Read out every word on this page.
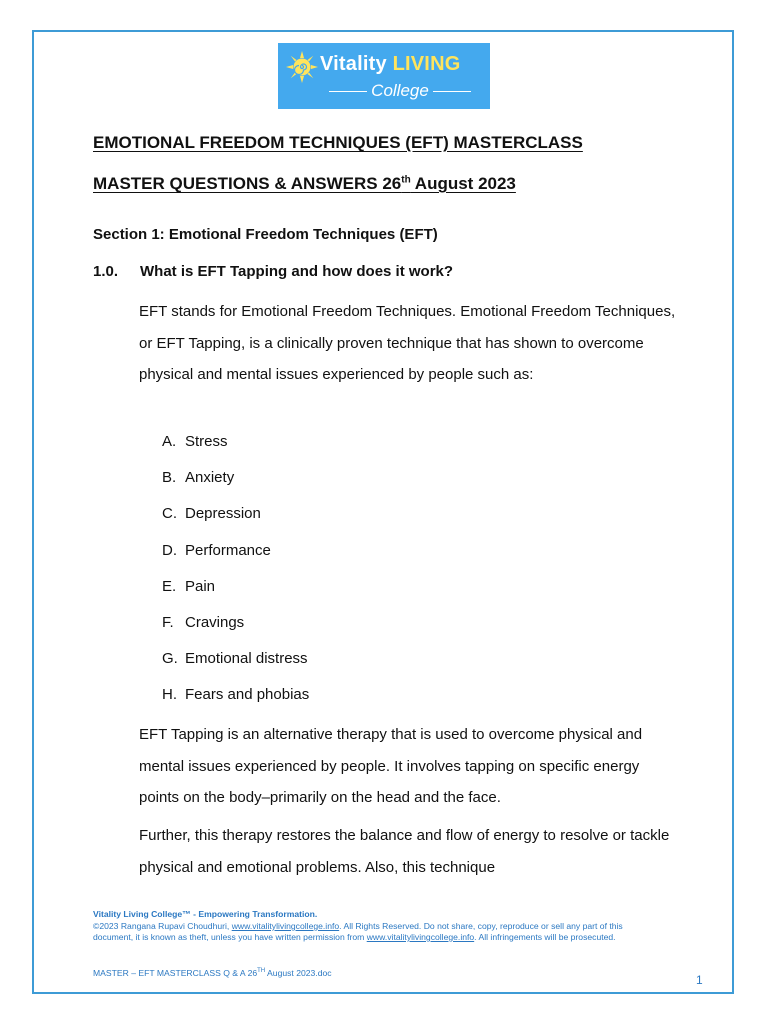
Vitality LIVING
College
EMOTIONAL FREEDOM TECHNIQUES (EFT) MASTERCLASS
MASTER QUESTIONS & ANSWERS 26th August 2023
Section 1: Emotional Freedom Techniques (EFT)
1.0. What is EFT Tapping and how does it work?
EFT stands for Emotional Freedom Techniques. Emotional Freedom Techniques, or EFT Tapping, is a clinically proven technique that has shown to overcome physical and mental issues experienced by people such as:
A. Stress
B. Anxiety
C. Depression
D. Performance
E. Pain
F. Cravings
G. Emotional distress
H. Fears and phobias
EFT Tapping is an alternative therapy that is used to overcome physical and mental issues experienced by people. It involves tapping on specific energy points on the body–primarily on the head and the face.
Further, this therapy restores the balance and flow of energy to resolve or tackle physical and emotional problems. Also, this technique
Vitality Living College™ - Empowering Transformation.
©2023 Rangana Rupavi Choudhuri, www.vitalitylivingcollege.info. All Rights Reserved. Do not share, copy, reproduce or sell any part of this document, it is known as theft, unless you have written permission from www.vitalitylivingcollege.info. All infringements will be prosecuted.
MASTER – EFT MASTERCLASS Q & A 26TH August 2023.doc	1
